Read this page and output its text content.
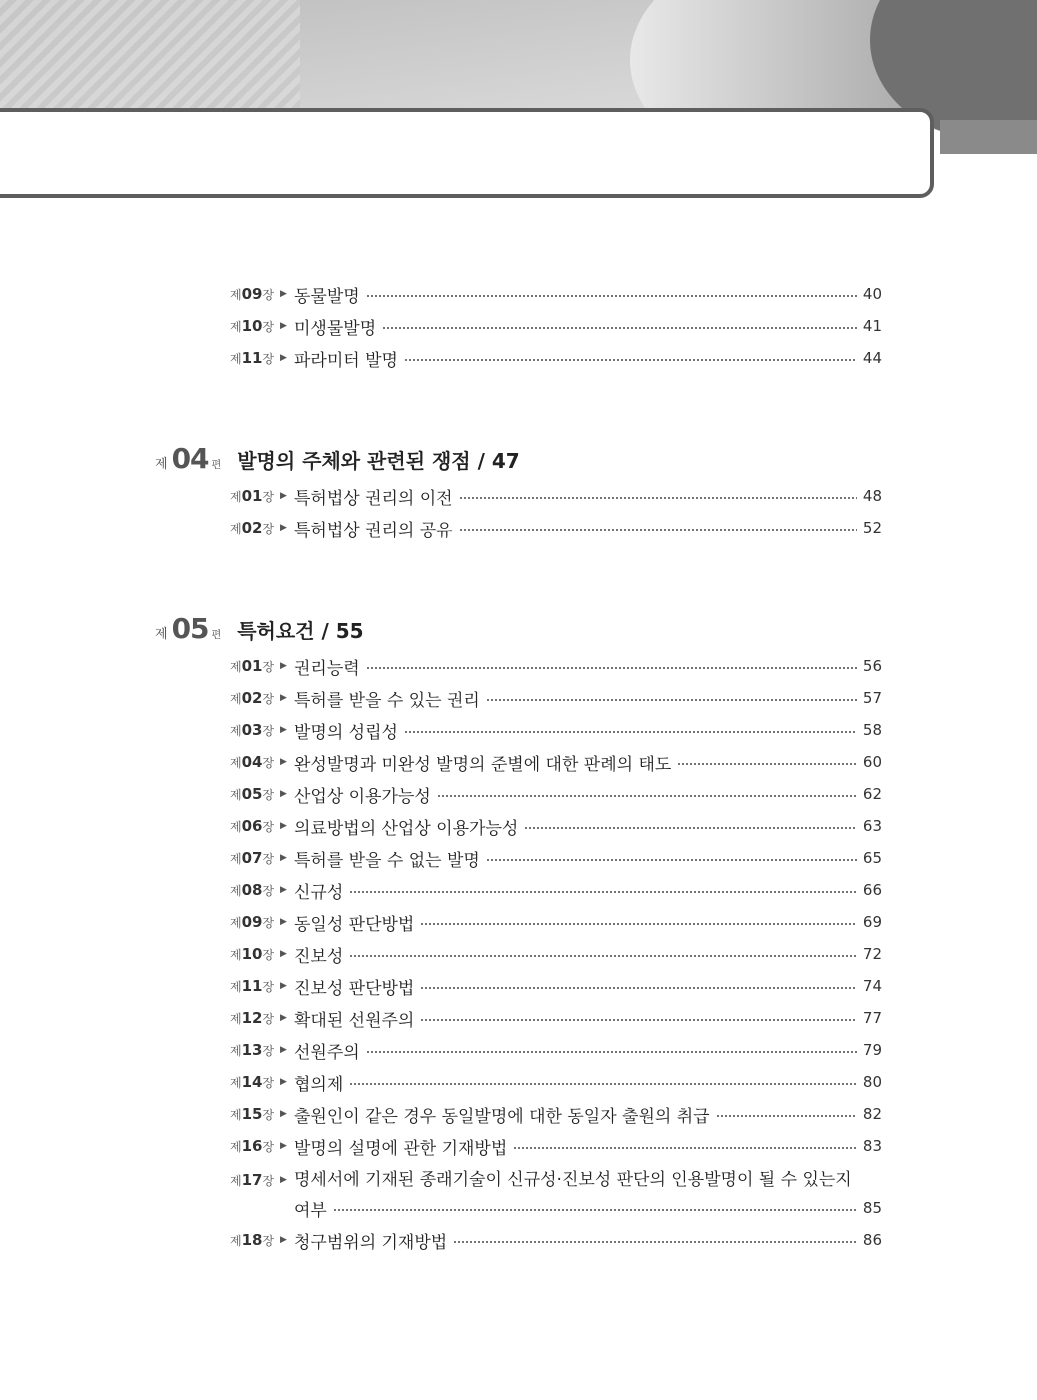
제09장 ▶ 동물발명	40
제10장 ▶ 미생물발명	41
제11장 ▶ 파라미터 발명	44
제 04 편 발명의 주체와 관련된 쟁점 / 47
제01장 ▶ 특허법상 권리의 이전	48
제02장 ▶ 특허법상 권리의 공유	52
제 05 편 특허요건 / 55
제01장 ▶ 권리능력	56
제02장 ▶ 특허를 받을 수 있는 권리	57
제03장 ▶ 발명의 성립성	58
제04장 ▶ 완성발명과 미완성 발명의 준별에 대한 판례의 태도	60
제05장 ▶ 산업상 이용가능성	62
제06장 ▶ 의료방법의 산업상 이용가능성	63
제07장 ▶ 특허를 받을 수 없는 발명	65
제08장 ▶ 신규성	66
제09장 ▶ 동일성 판단방법	69
제10장 ▶ 진보성	72
제11장 ▶ 진보성 판단방법	74
제12장 ▶ 확대된 선원주의	77
제13장 ▶ 선원주의	79
제14장 ▶ 협의제	80
제15장 ▶ 출원인이 같은 경우 동일발명에 대한 동일자 출원의 취급	82
제16장 ▶ 발명의 설명에 관한 기재방법	83
제17장 ▶ 명세서에 기재된 종래기술이 신규성·진보성 판단의 인용발명이 될 수 있는지
여부	85
제18장 ▶ 청구범위의 기재방법	86
